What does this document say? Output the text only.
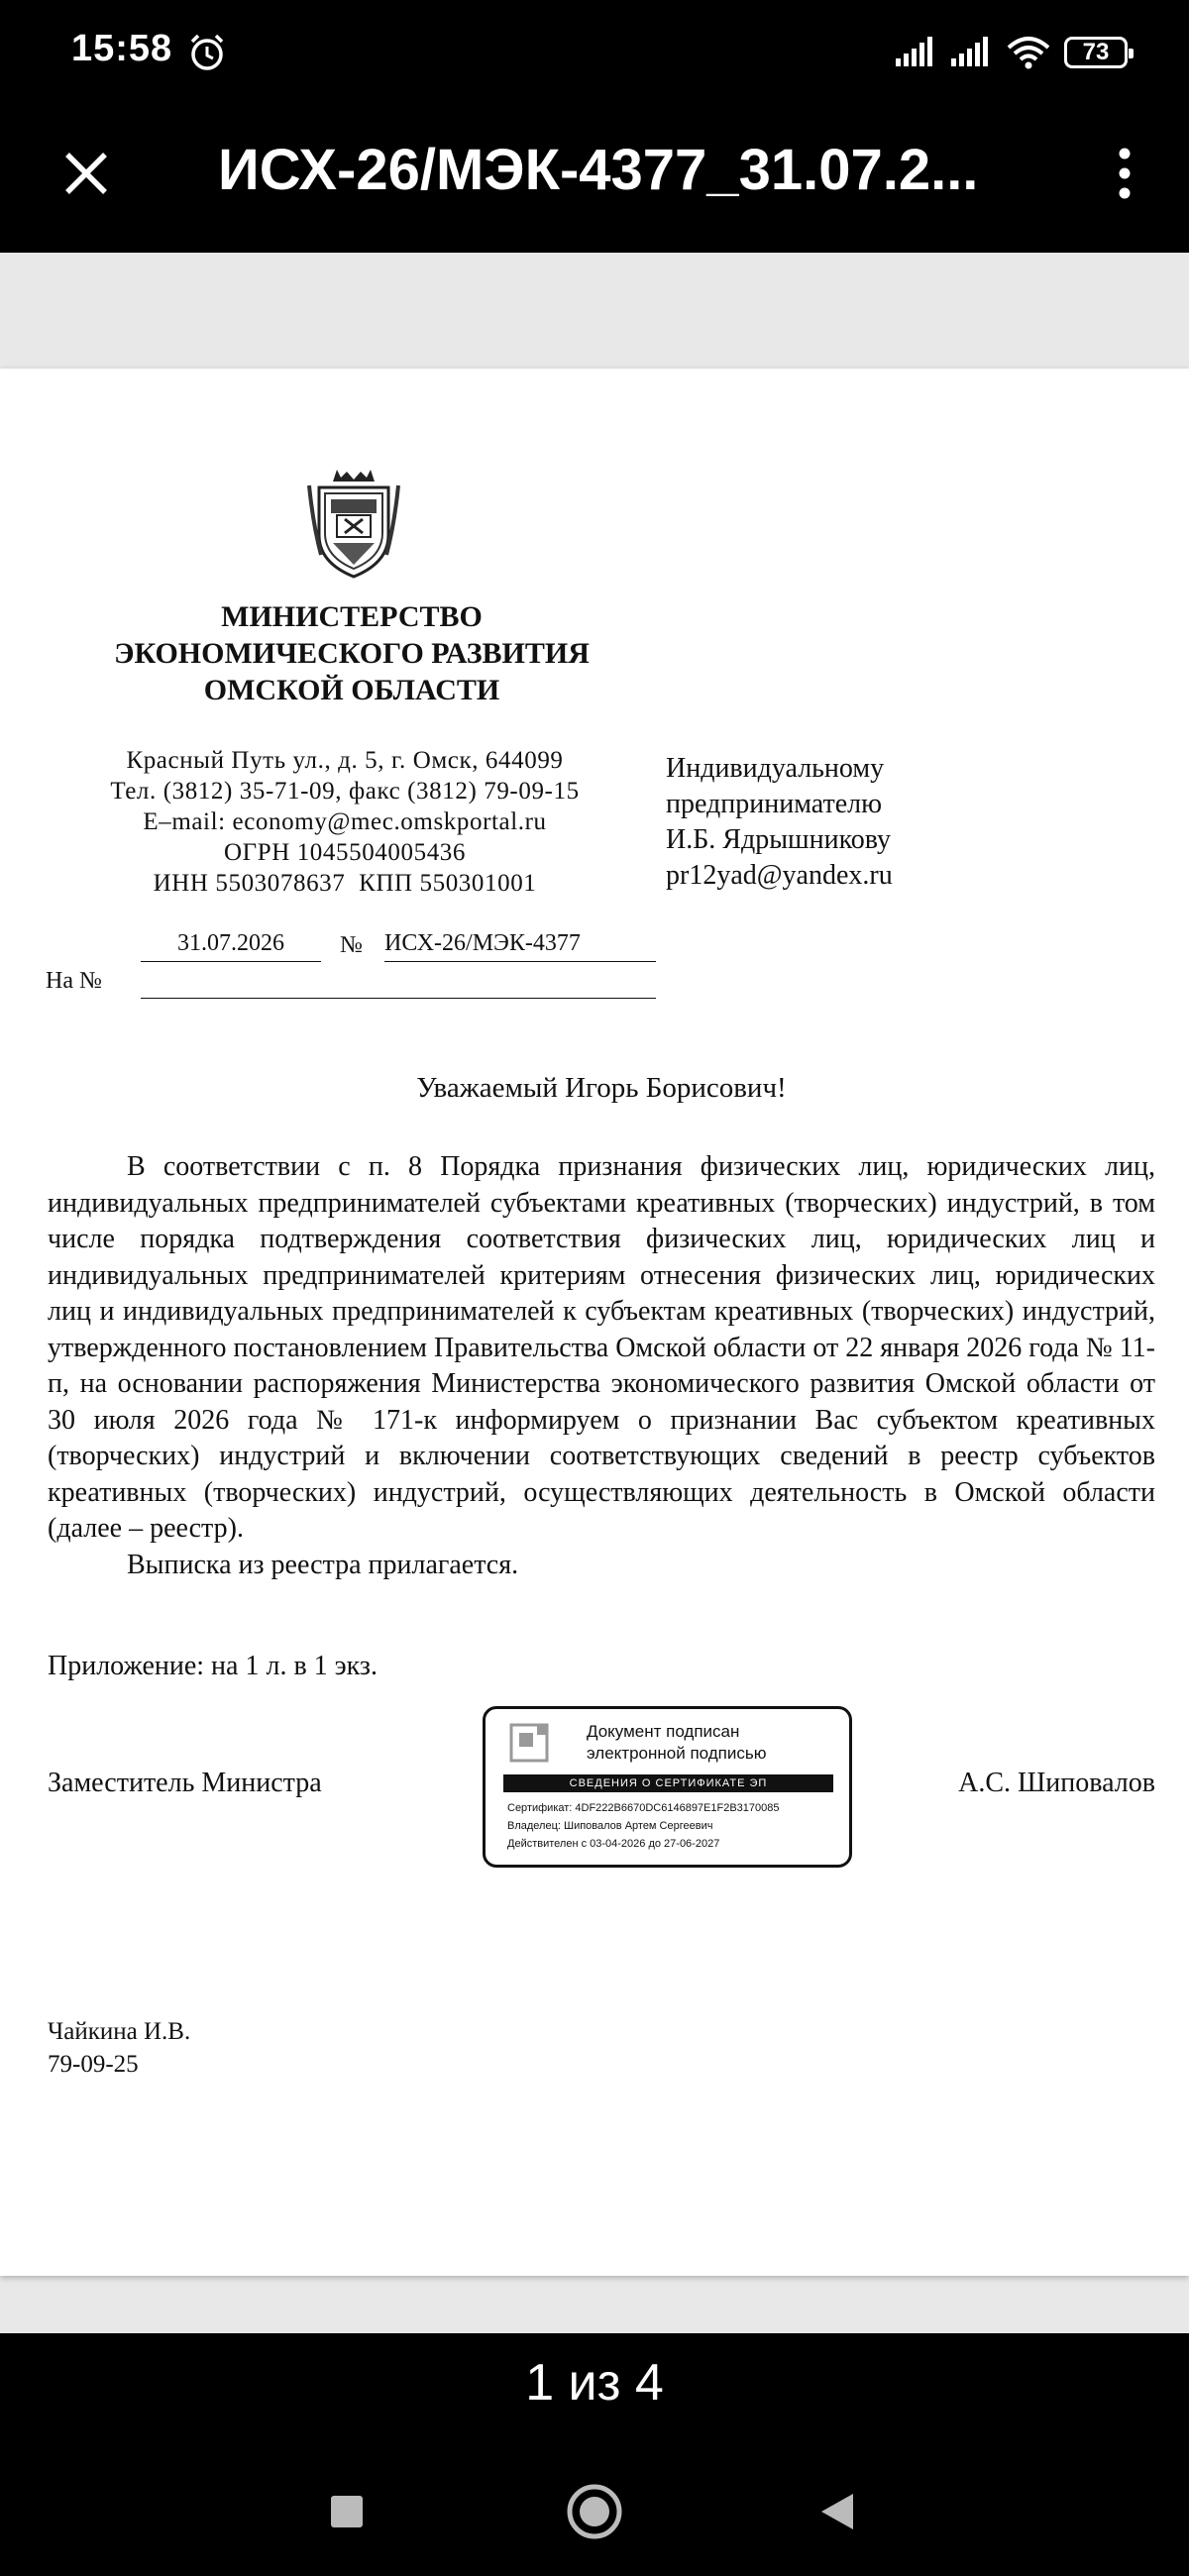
15:58	73
ИСХ-26/МЭК-4377_31.07.2...
МИНИСТЕРСТВО
ЭКОНОМИЧЕСКОГО РАЗВИТИЯ
ОМСКОЙ ОБЛАСТИ
Красный Путь ул., д. 5, г. Омск, 644099
Тел. (3812) 35-71-09, факс (3812) 79-09-15
E–mail: economy@mec.omskportal.ru
ОГРН 1045504005436
ИНН 5503078637  КПП 550301001
Индивидуальному
предпринимателю
И.Б. Ядрышникову
pr12yad@yandex.ru
31.07.2026	№ ИСХ-26/МЭК-4377
На №
Уважаемый Игорь Борисович!

В соответствии с п. 8 Порядка признания физических лиц, юридических лиц, индивидуальных предпринимателей субъектами креативных (творческих) индустрий, в том числе порядка подтверждения соответствия физических лиц, юридических лиц и индивидуальных предпринимателей критериям отнесения физических лиц, юридических лиц и индивидуальных предпринимателей к субъектам креативных (творческих) индустрий, утвержденного постановлением Правительства Омской области от 22 января 2026 года № 11-п, на основании распоряжения Министерства экономического развития Омской области от 30 июля 2026 года № 171-к информируем о признании Вас субъектом креативных (творческих) индустрий и включении соответствующих сведений в реестр субъектов креативных (творческих) индустрий, осуществляющих деятельность в Омской области (далее – реестр).

Выписка из реестра прилагается.

Приложение: на 1 л. в 1 экз.
Заместитель Министра
Документ подписан
электронной подписью
СВЕДЕНИЯ О СЕРТИФИКАТЕ ЭП
Сертификат: 4DF222B6670DC6146897E1F2B3170085
Владелец: Шиповалов Артем Сергеевич
Действителен с 03-04-2026 до 27-06-2027
А.С. Шиповалов
Чайкина И.В.
79-09-25
1 из 4
